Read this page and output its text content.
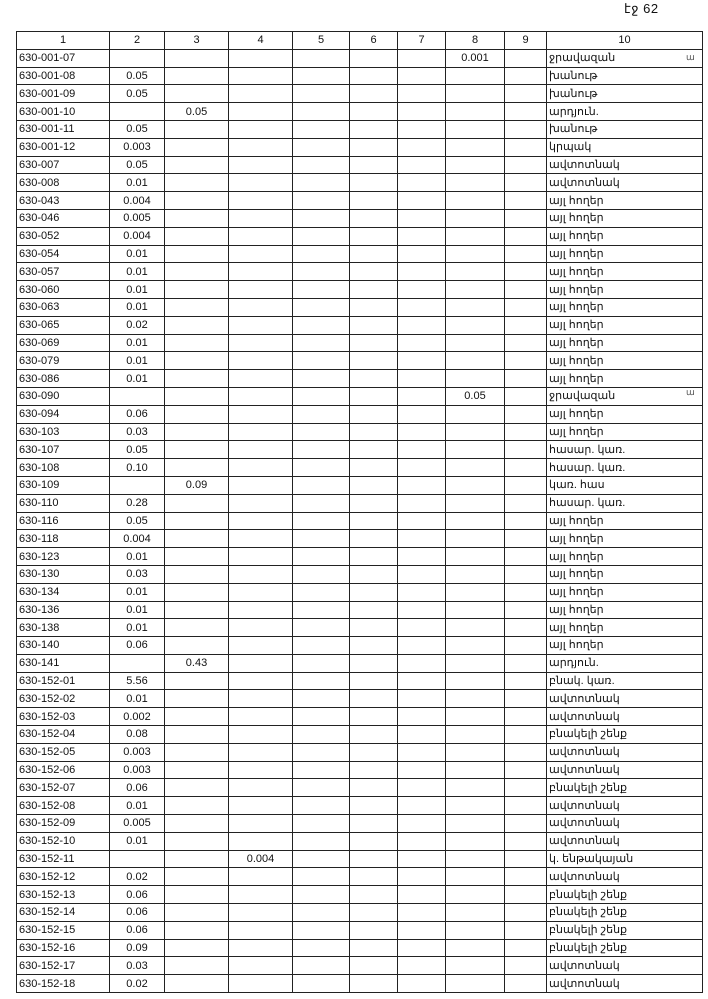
էջ 62
ա
ա
1	2	3	4	5	6	7	8	9	10
630-001-07							0.001		ջրավազան
630-001-08	0.05								խանութ
630-001-09	0.05								խանութ
630-001-10		0.05							արդյուն.
630-001-11	0.05								խանութ
630-001-12	0.003								կրպակ
630-007	0.05								ավտոտնակ
630-008	0.01								ավտոտնակ
630-043	0.004								այլ հողեր
630-046	0.005								այլ հողեր
630-052	0.004								այլ հողեր
630-054	0.01								այլ հողեր
630-057	0.01								այլ հողեր
630-060	0.01								այլ հողեր
630-063	0.01								այլ հողեր
630-065	0.02								այլ հողեր
630-069	0.01								այլ հողեր
630-079	0.01								այլ հողեր
630-086	0.01								այլ հողեր
630-090							0.05		ջրավազան
630-094	0.06								այլ հողեր
630-103	0.03								այլ հողեր
630-107	0.05								հասար. կառ.
630-108	0.10								հասար. կառ.
630-109		0.09							կառ. հաս
630-110	0.28								հասար. կառ.
630-116	0.05								այլ հողեր
630-118	0.004								այլ հողեր
630-123	0.01								այլ հողեր
630-130	0.03								այլ հողեր
630-134	0.01								այլ հողեր
630-136	0.01								այլ հողեր
630-138	0.01								այլ հողեր
630-140	0.06								այլ հողեր
630-141		0.43							արդյուն.
630-152-01	5.56								բնակ. կառ.
630-152-02	0.01								ավտոտնակ
630-152-03	0.002								ավտոտնակ
630-152-04	0.08								բնակելի շենք
630-152-05	0.003								ավտոտնակ
630-152-06	0.003								ավտոտնակ
630-152-07	0.06								բնակելի շենք
630-152-08	0.01								ավտոտնակ
630-152-09	0.005								ավտոտնակ
630-152-10	0.01								ավտոտնակ
630-152-11			0.004						կ. ենթակայան
630-152-12	0.02								ավտոտնակ
630-152-13	0.06								բնակելի շենք
630-152-14	0.06								բնակելի շենք
630-152-15	0.06								բնակելի շենք
630-152-16	0.09								բնակելի շենք
630-152-17	0.03								ավտոտնակ
630-152-18	0.02								ավտոտնակ
